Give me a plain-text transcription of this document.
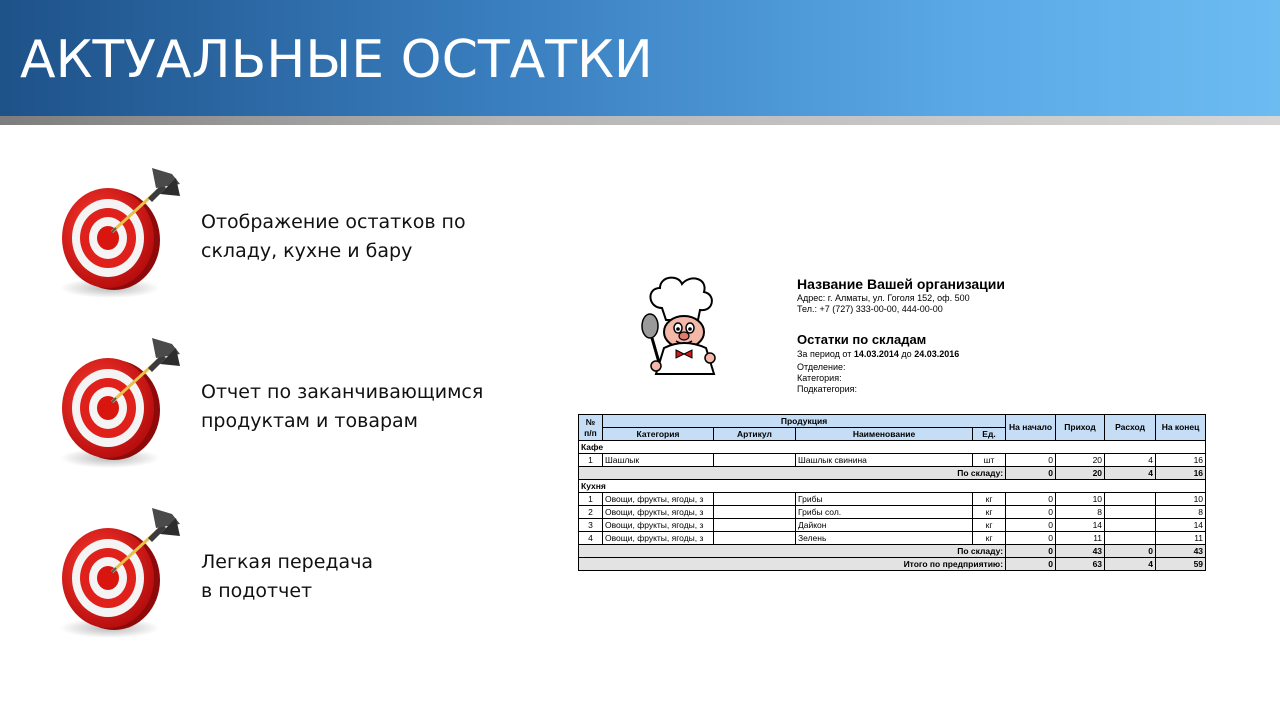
АКТУАЛЬНЫЕ ОСТАТКИ
Отображение остатков по
складу, кухне и бару
Отчет по заканчивающимся
продуктам и товарам
Легкая передача
в подотчет
Название Вашей организации
Адрес: г. Алматы, ул. Гоголя 152, оф. 500
Тел.: +7 (727) 333-00-00, 444-00-00
Остатки по складам
За период от 14.03.2014 до 24.03.2016
Отделение:
Категория:
Подкатегория:
№
п/п	Продукция				На начало	Приход	Расход	На конец
	Категория	Артикул	Наименование	Ед.				
Кафе								
1	Шашлык		Шашлык свинина	шт	0	20	4	16
По складу:					0	20	4	16
Кухня								
1	Овощи, фрукты, ягоды, з		Грибы	кг	0	10		10
2	Овощи, фрукты, ягоды, з		Грибы сол.	кг	0	8		8
3	Овощи, фрукты, ягоды, з		Дайкон	кг	0	14		14
4	Овощи, фрукты, ягоды, з		Зелень	кг	0	11		11
По складу:					0	43	0	43
Итого по предприятию:					0	63	4	59
